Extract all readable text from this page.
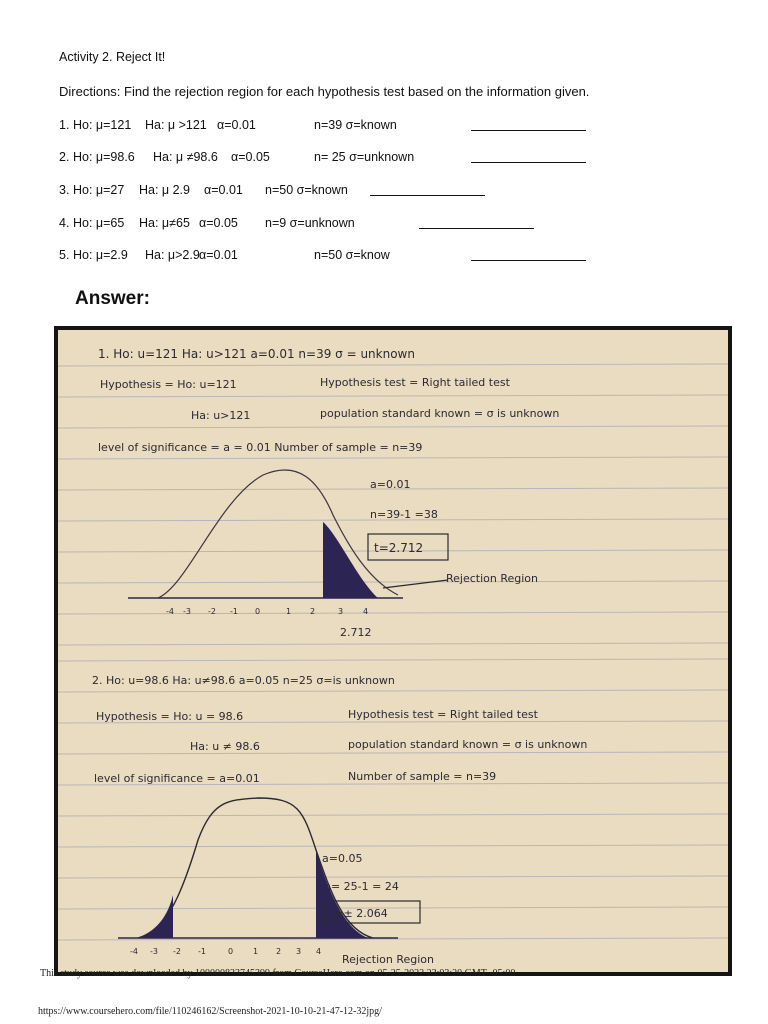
Activity 2. Reject It!
Directions: Find the rejection region for each hypothesis test based on the information given.
1. Ho: μ=121 Ha: μ >121 α=0.01	n=39 σ=known
2. Ho: μ=98.6 Ha: μ ≠98.6 α=0.05	n= 25 σ=unknown
3. Ho: μ=27 Ha: μ 2.9 α=0.01 n=50 σ=known
4. Ho: μ=65 Ha: μ≠65 α=0.05 n=9 σ=unknown
5. Ho: μ=2.9 Ha: μ>2.9 α=0.01	n=50 σ=know
Answer:
1. Ho: u=121 Ha: u>121 a=0.01 n=39 σ = unknown
Hypothesis = Ho: u=121	Hypothesis test = Right tailed test
Ha: u>121	population standard known = σ is unknown
level of significance = a = 0.01 Number of sample = n=39
-4 -3 -2 -1 0	1 2	3 4
2.712
a=0.01
n=39-1 =38
t=2.712
Rejection Region
2. Ho: u=98.6 Ha: u≠98.6 a=0.05 n=25 σ=is unknown
Hypothesis = Ho: u = 98.6	Hypothesis test = Right tailed test
Ha: u ≠ 98.6	population standard known = σ is unknown
level of significance = a=0.01	Number of sample = n=39
-4 -3 -2 -1	0 1 2 3 4
a=0.05
n= 25-1 = 24
t=± 2.064
Rejection Region
This study source was downloaded by 100000833745399 from CourseHero.com on 05-25-2022 23:03:20 GMT -05:00
https://www.coursehero.com/file/110246162/Screenshot-2021-10-10-21-47-12-32jpg/
